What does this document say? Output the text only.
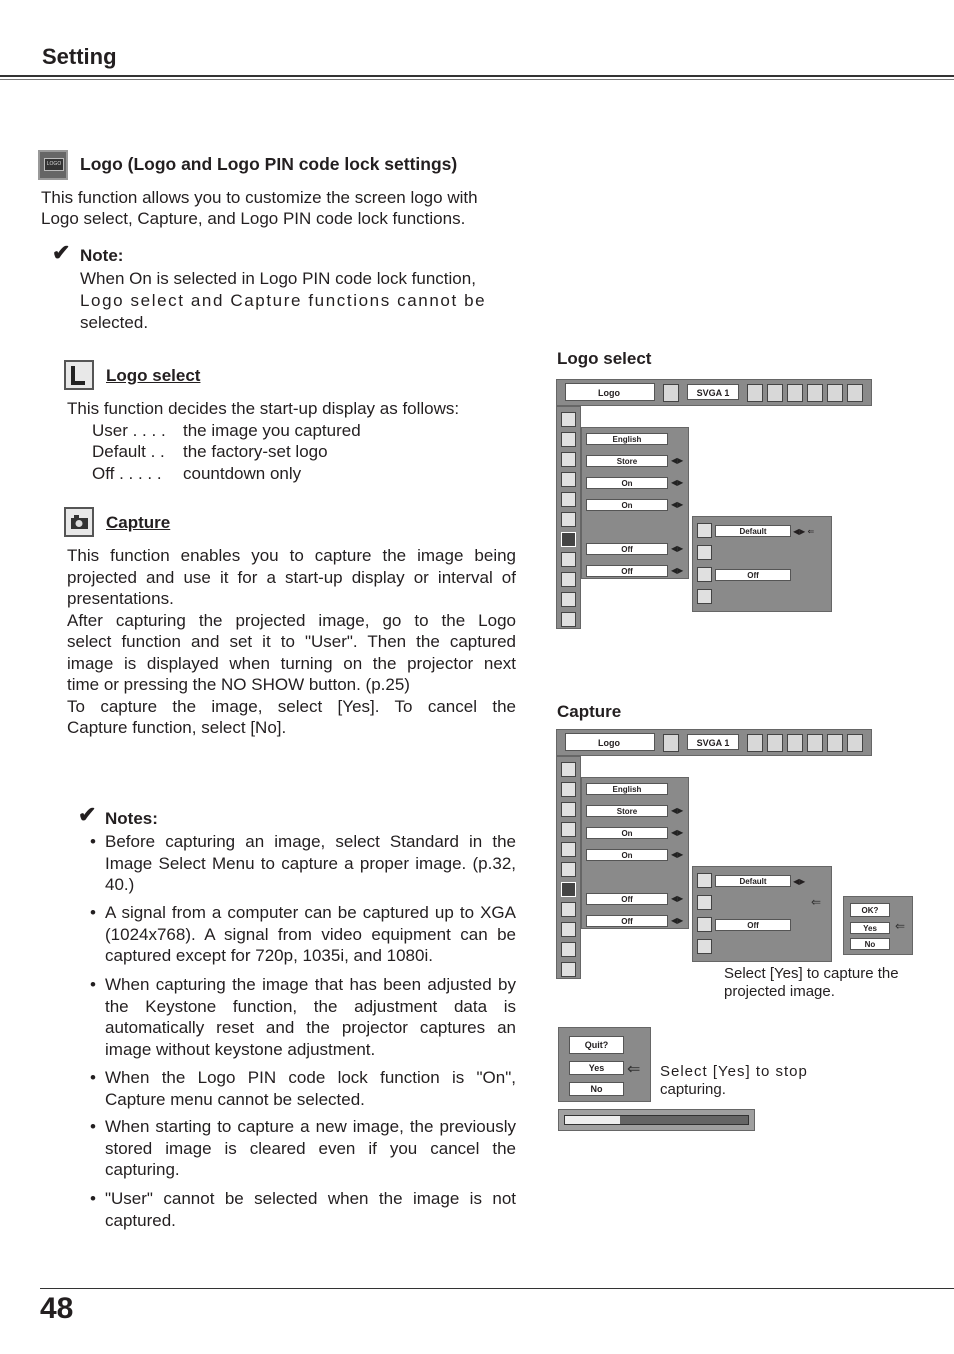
Setting
LOGO Logo (Logo and Logo PIN code lock settings)
This function allows you to customize the screen logo with
Logo select, Capture, and Logo PIN code lock functions.
✔ Note:
When On is selected in Logo PIN code lock function,
Logo select and Capture functions cannot be
selected.
Logo select
This function decides the start-up display as follows:
User . . . . the image you captured
Default . . the factory-set logo
Off . . . . . countdown only
Capture
This function enables you to capture the image being
projected and use it for a start-up display or interval of
presentations.
After capturing the projected image, go to the Logo
select function and set it to "User". Then the captured
image is displayed when turning on the projector next
time or pressing the NO SHOW button. (p.25)
To capture the image, select [Yes]. To cancel the
Capture function, select [No].
✔ Notes:
• Before capturing an image, select Standard in the Image Select Menu to capture a proper image. (p.32, 40.)
• A signal from a computer can be captured up to XGA (1024x768). A signal from video equipment can be captured except for 720p, 1035i, and 1080i.
• When capturing the image that has been adjusted by the Keystone function, the adjustment data is automatically reset and the projector captures an image without keystone adjustment.
• When the Logo PIN code lock function is "On", Capture menu cannot be selected.
• When starting to capture a new image, the previously stored image is cleared even if you cancel the capturing.
• "User" cannot be selected when the image is not captured.
Logo select
Logo	SVGA 1
English
Store	◀▶
On	◀▶
On	◀▶
Off	◀▶
Off	◀▶
Default	◀▶ ⇐
Off
Capture
Logo	SVGA 1
English
Store	◀▶
On	◀▶
On	◀▶
Off	◀▶
Off	◀▶
Default	◀▶
⇐
Off
OK?
Yes	⇐
No
Select [Yes] to capture the
projected image.
Quit?
Yes	⇐
No
Select [Yes] to stop
capturing.
48
